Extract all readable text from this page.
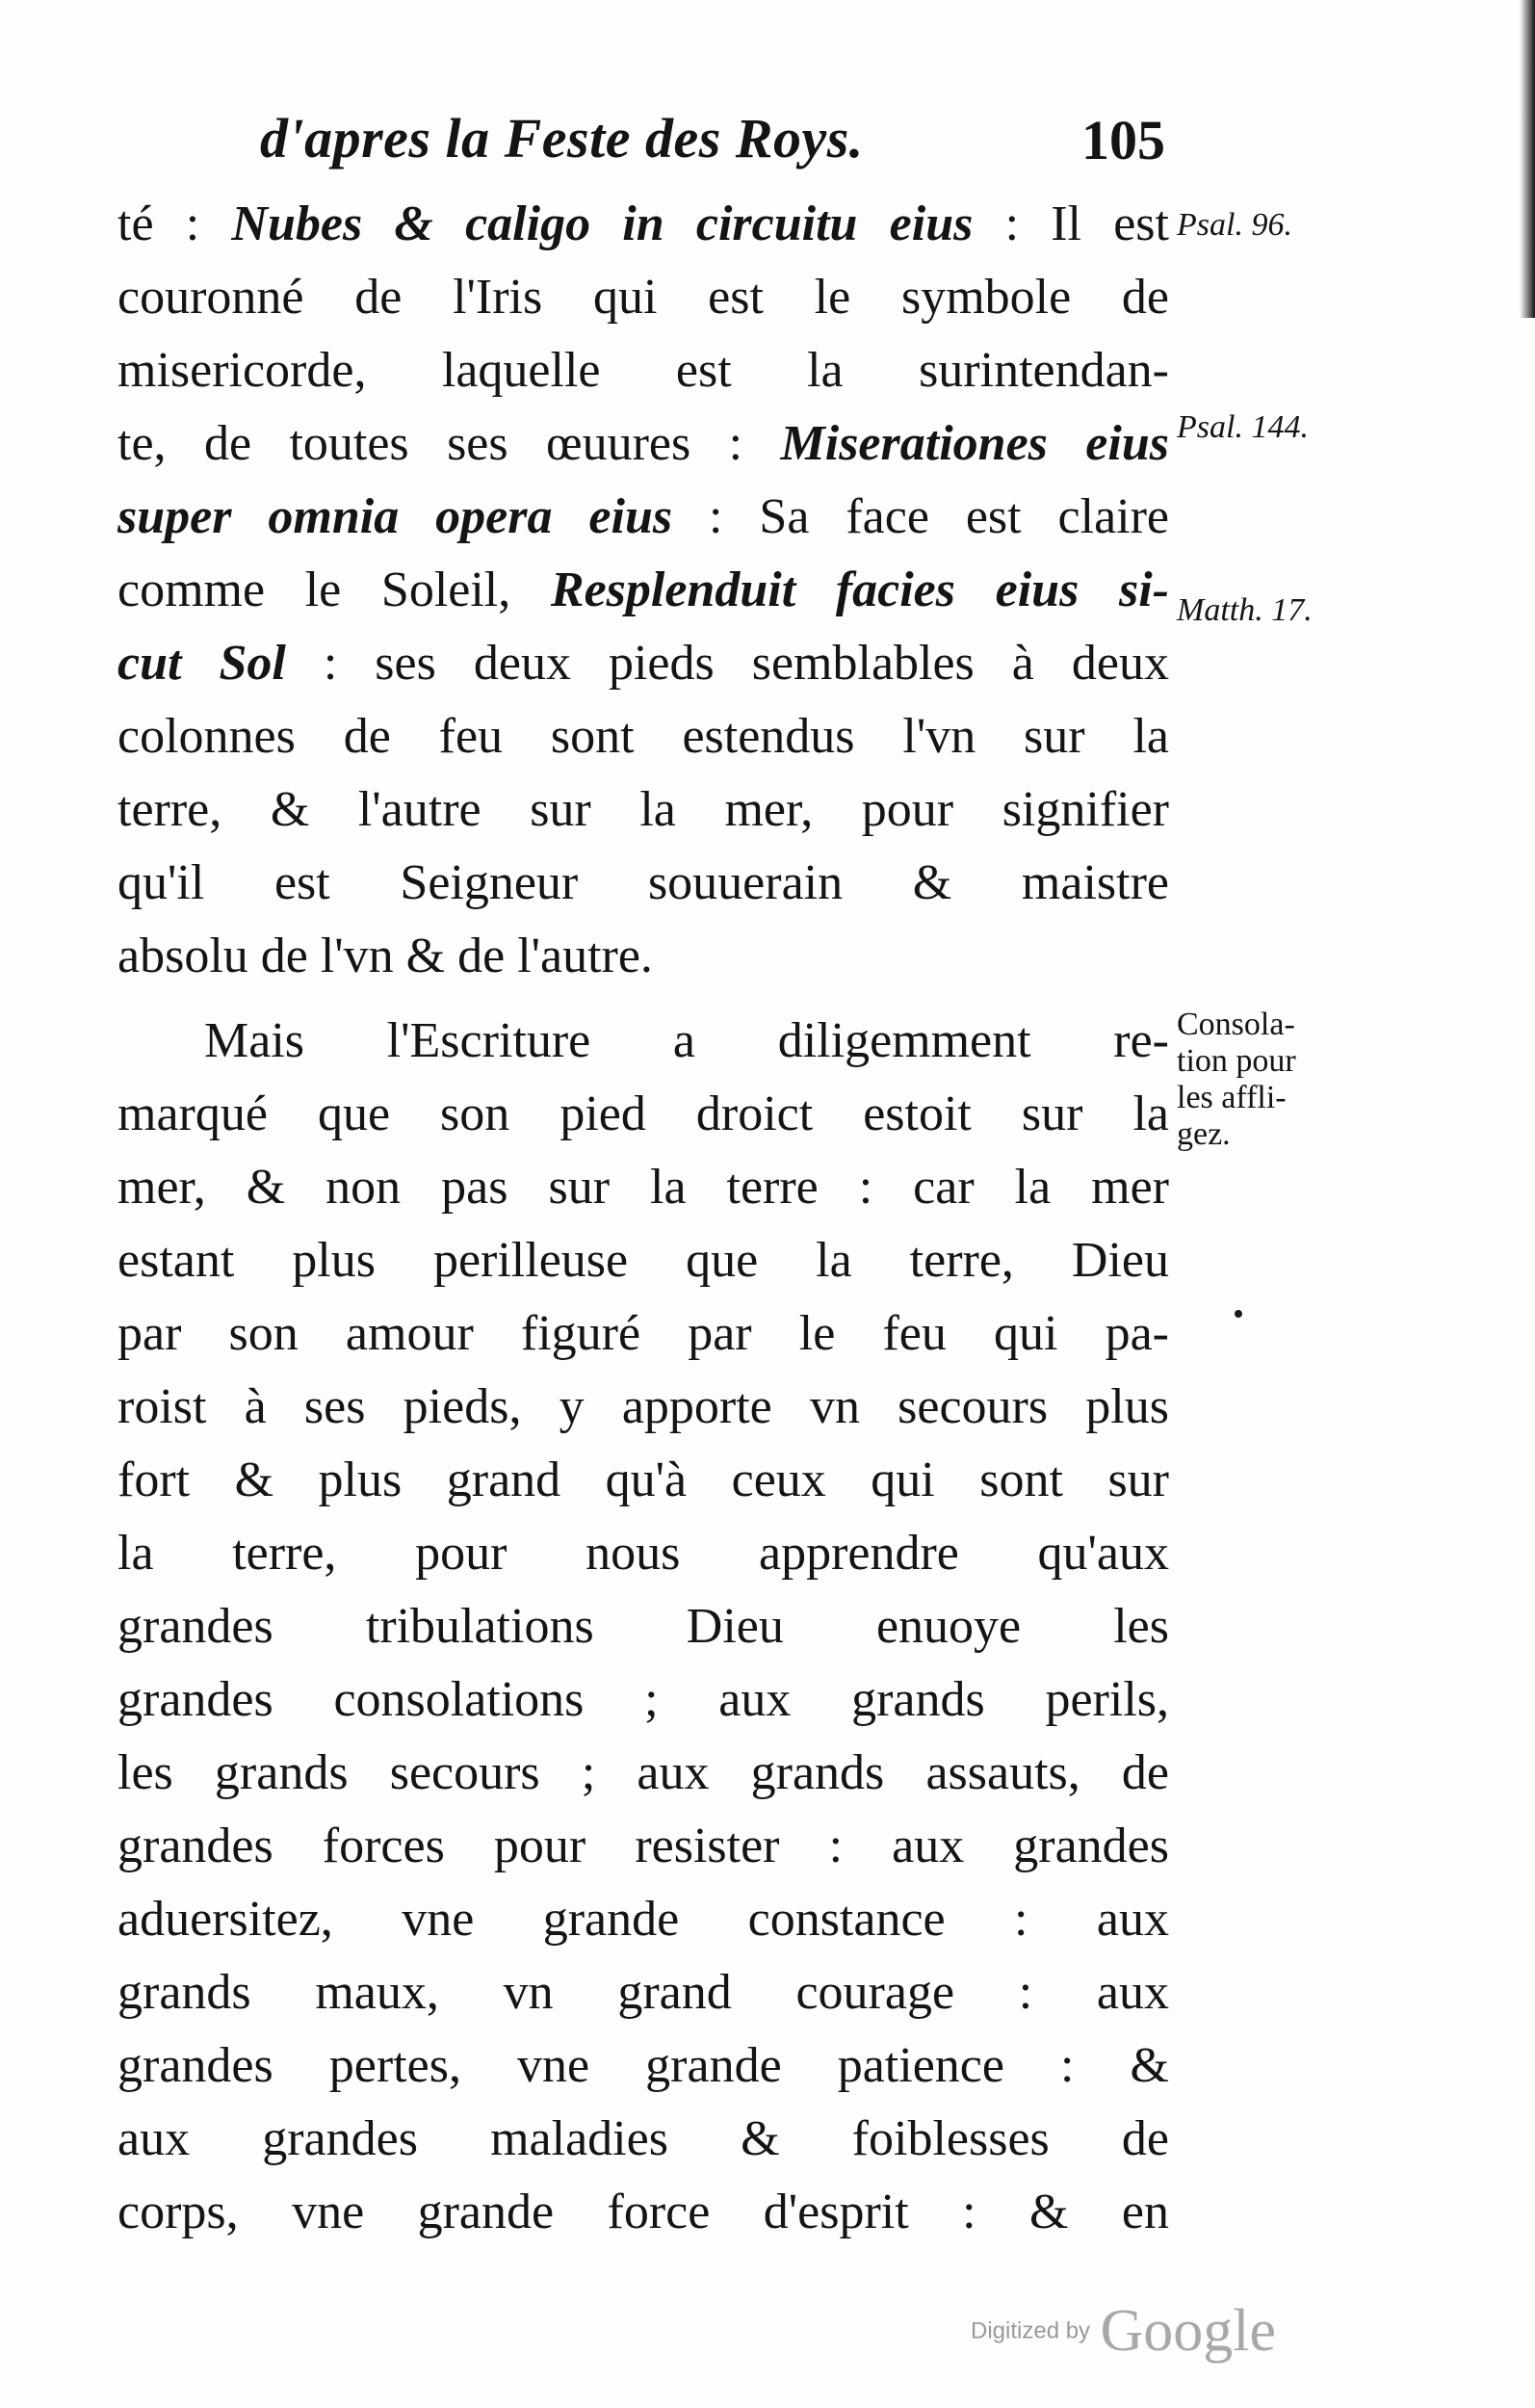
d'apres la Feste des Roys.	105
té : Nubes & caligo in circuitu eius : Il est
couronné de l'Iris qui est le symbole de
misericorde, laquelle est la surintendan-
te, de toutes ses œuures : Miserationes eius
super omnia opera eius : Sa face est claire
comme le Soleil, Resplenduit facies eius si-
cut Sol : ses deux pieds semblables à deux
colonnes de feu sont estendus l'vn sur la
terre, & l'autre sur la mer, pour signifier
qu'il est Seigneur souuerain & maistre
absolu de l'vn & de l'autre.
Mais l'Escriture a diligemment re-
marqué que son pied droict estoit sur la
mer, & non pas sur la terre : car la mer
estant plus perilleuse que la terre, Dieu
par son amour figuré par le feu qui pa-
roist à ses pieds, y apporte vn secours plus
fort & plus grand qu'à ceux qui sont sur
la terre, pour nous apprendre qu'aux
grandes tribulations Dieu enuoye les
grandes consolations ; aux grands perils,
les grands secours ; aux grands assauts, de
grandes forces pour resister : aux grandes
aduersitez, vne grande constance : aux
grands maux, vn grand courage : aux
grandes pertes, vne grande patience : &
aux grandes maladies & foiblesses de
corps, vne grande force d'esprit : & en
Psal. 96.
Psal. 144.
Matth. 17.
Consola-
tion pour
les affli-
gez.
Digitized by Google
